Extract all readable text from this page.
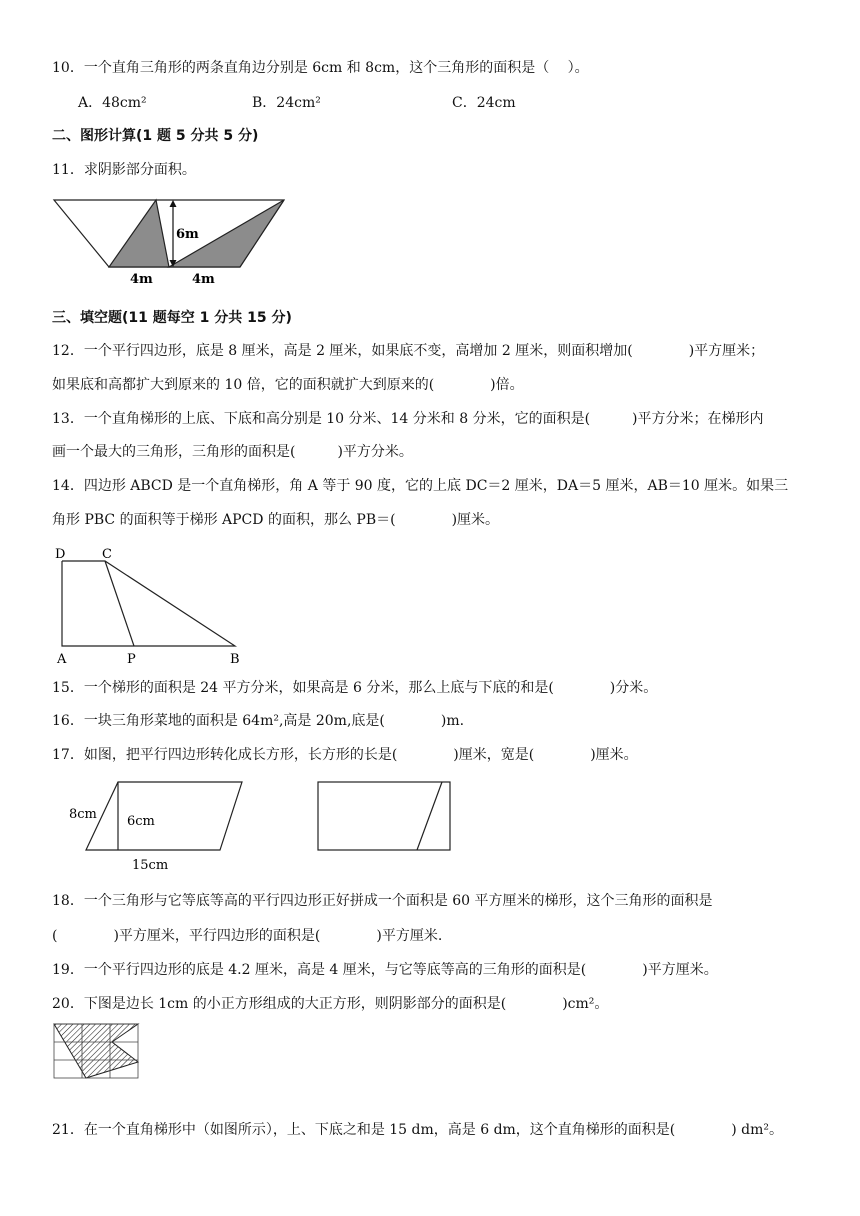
10．一个直角三角形的两条直角边分别是 6cm 和 8cm，这个三角形的面积是（　 ）。
A．48cm²	B．24cm²	C．24cm
二、图形计算(1 题 5 分共 5 分)
11．求阴影部分面积。
6m
4m	4m
三、填空题(11 题每空 1 分共 15 分)
12．一个平行四边形，底是 8 厘米，高是 2 厘米，如果底不变，高增加 2 厘米，则面积增加(　　　　)平方厘米；
如果底和高都扩大到原来的 10 倍，它的面积就扩大到原来的(　　　　)倍。
13．一个直角梯形的上底、下底和高分别是 10 分米、14 分米和 8 分米，它的面积是(　　　)平方分米；在梯形内
画一个最大的三角形，三角形的面积是(　　　)平方分米。
14．四边形 ABCD 是一个直角梯形，角 A 等于 90 度，它的上底 DC＝2 厘米，DA＝5 厘米，AB＝10 厘米。如果三
角形 PBC 的面积等于梯形 APCD 的面积，那么 PB＝(　　　　)厘米。
D	C
A	P	B
15．一个梯形的面积是 24 平方分米，如果高是 6 分米，那么上底与下底的和是(　　　　)分米。
16．一块三角形菜地的面积是 64m²,高是 20m,底是(　　　　)m.
17．如图，把平行四边形转化成长方形，长方形的长是(　　　　)厘米，宽是(　　　　)厘米。
8cm 6cm
15cm
18．一个三角形与它等底等高的平行四边形正好拼成一个面积是 60 平方厘米的梯形，这个三角形的面积是
(　　　　)平方厘米，平行四边形的面积是(　　　　)平方厘米.
19．一个平行四边形的底是 4.2 厘米，高是 4 厘米，与它等底等高的三角形的面积是(　　　　)平方厘米。
20．下图是边长 1cm 的小正方形组成的大正方形，则阴影部分的面积是(　　　　)cm²。
21．在一个直角梯形中（如图所示），上、下底之和是 15 dm，高是 6 dm，这个直角梯形的面积是(　　　　) dm²。
